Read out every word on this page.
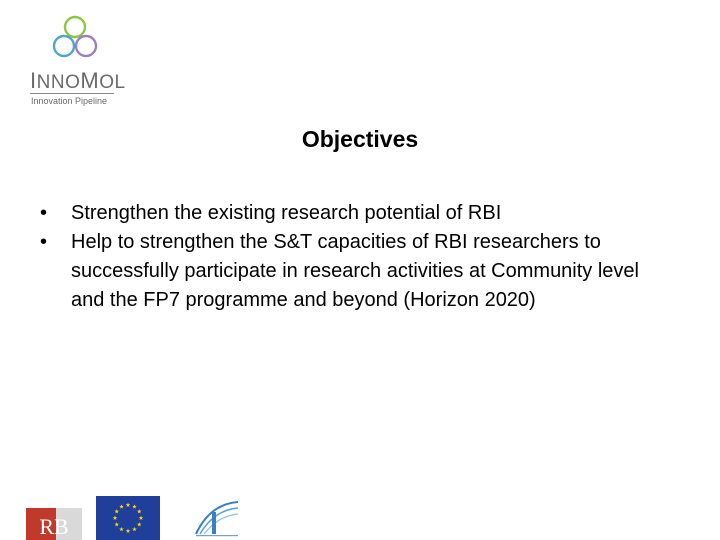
INNOMOL
Innovation Pipeline
Objectives
• Strengthen the existing research potential of RBI
• Help to strengthen the S&T capacities of RBI researchers to successfully participate in research activities at Community level and the FP7 programme and beyond (Horizon 2020)
RB
